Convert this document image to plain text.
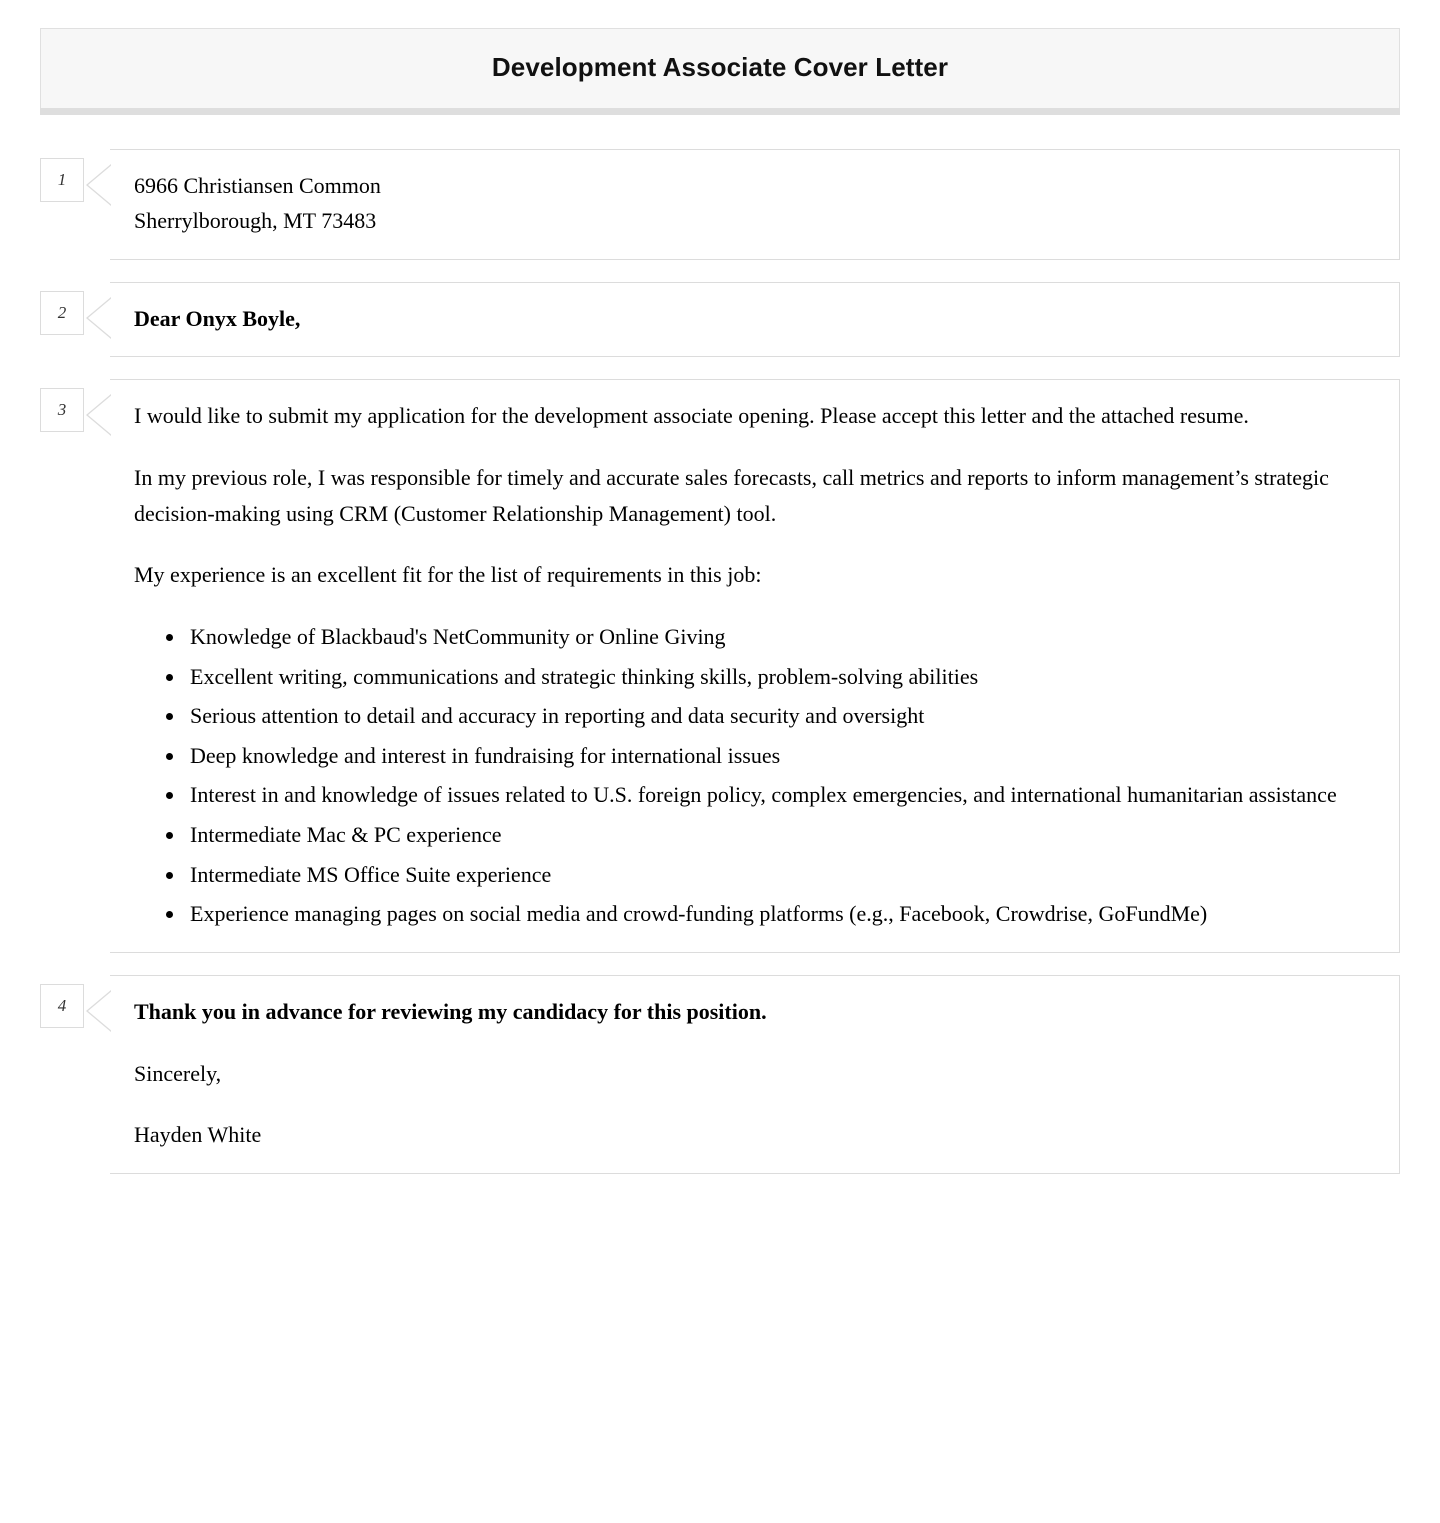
Development Associate Cover Letter
1	6966 Christiansen Common
Sherrylborough, MT 73483

2	Dear Onyx Boyle,

3	I would like to submit my application for the development associate opening. Please accept this letter and the attached resume.

In my previous role, I was responsible for timely and accurate sales forecasts, call metrics and reports to inform management’s strategic decision-making using CRM (Customer Relationship Management) tool.

My experience is an excellent fit for the list of requirements in this job:

• Knowledge of Blackbaud's NetCommunity or Online Giving
• Excellent writing, communications and strategic thinking skills, problem-solving abilities
• Serious attention to detail and accuracy in reporting and data security and oversight
• Deep knowledge and interest in fundraising for international issues
• Interest in and knowledge of issues related to U.S. foreign policy, complex emergencies, and international humanitarian assistance
• Intermediate Mac & PC experience
• Intermediate MS Office Suite experience
• Experience managing pages on social media and crowd-funding platforms (e.g., Facebook, Crowdrise, GoFundMe)
4	Thank you in advance for reviewing my candidacy for this position.

Sincerely,

Hayden White
